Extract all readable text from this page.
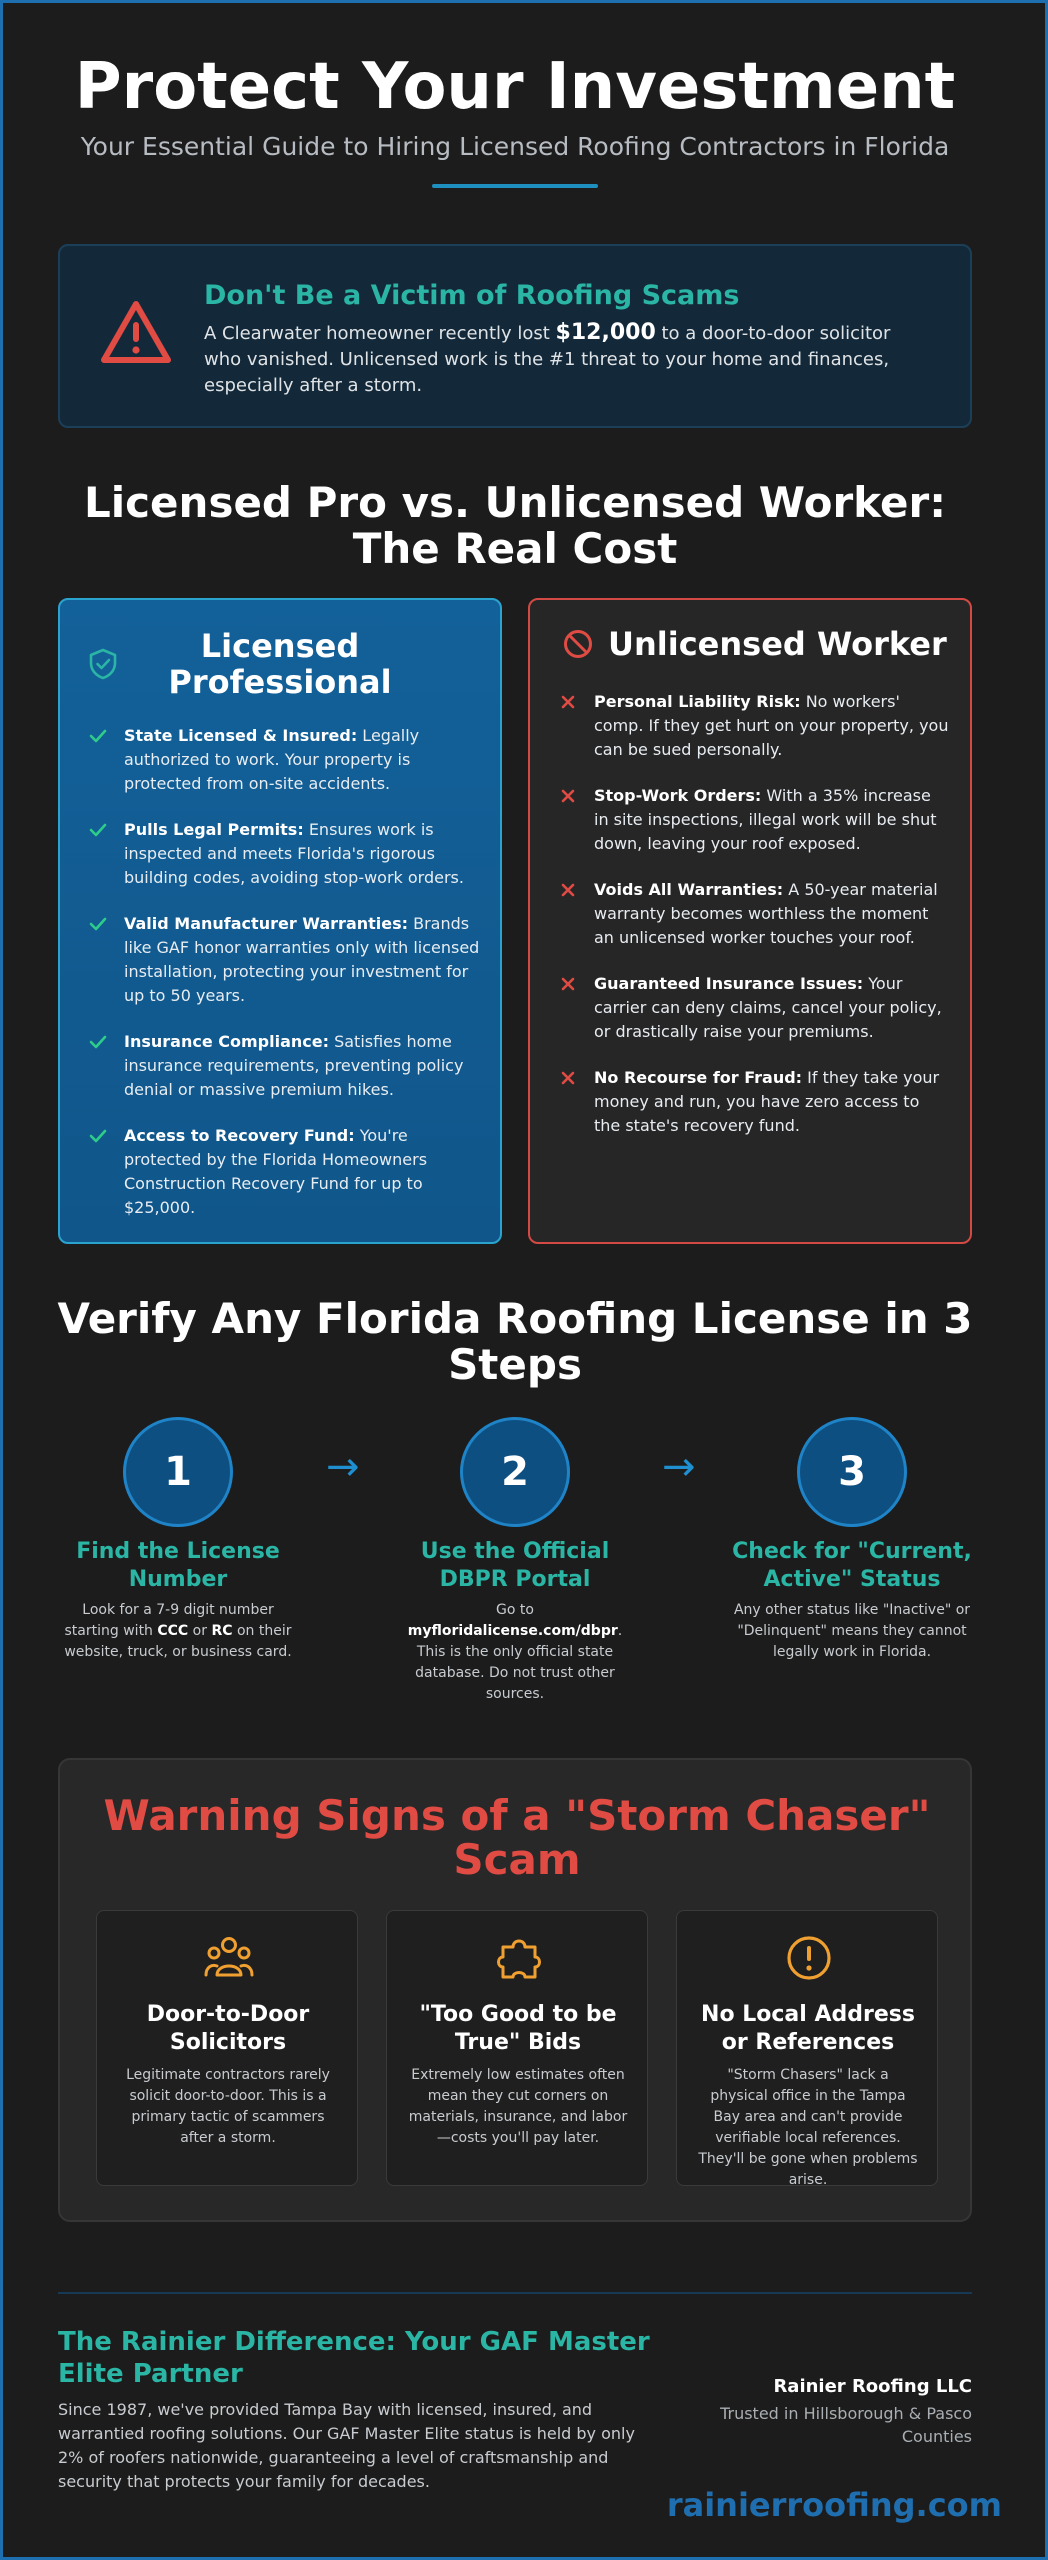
Protect Your Investment

Your Essential Guide to Hiring Licensed Roofing Contractors in Florida

Don't Be a Victim of Roofing Scams

A Clearwater homeowner recently lost $12,000 to a door-to-door solicitor who vanished. Unlicensed work is the #1 threat to your home and finances, especially after a storm.

Licensed Pro vs. Unlicensed Worker:
The Real Cost
Licensed
Professional
State Licensed & Insured: Legally authorized to work. Your property is protected from on-site accidents.
Pulls Legal Permits: Ensures work is inspected and meets Florida's rigorous building codes, avoiding stop-work orders.
Valid Manufacturer Warranties: Brands like GAF honor warranties only with licensed installation, protecting your investment for up to 50 years.
Insurance Compliance: Satisfies home insurance requirements, preventing policy denial or massive premium hikes.
Access to Recovery Fund: You're protected by the Florida Homeowners Construction Recovery Fund for up to $25,000.
Unlicensed Worker
Personal Liability Risk: No workers' comp. If they get hurt on your property, you can be sued personally.
Stop-Work Orders: With a 35% increase in site inspections, illegal work will be shut down, leaving your roof exposed.
Voids All Warranties: A 50-year material warranty becomes worthless the moment an unlicensed worker touches your roof.
Guaranteed Insurance Issues: Your carrier can deny claims, cancel your policy, or drastically raise your premiums.
No Recourse for Fraud: If they take your money and run, you have zero access to the state's recovery fund.
Verify Any Florida Roofing License in 3
Steps
1	→	2	→	3
Find the License
Number
Use the Official
DBPR Portal
Check for "Current,
Active" Status

Look for a 7-9 digit number starting with CCC or RC on their website, truck, or business card.

Go to
myfloridalicense.com/dbpr. This is the only official state database. Do not trust other sources.

Any other status like "Inactive" or "Delinquent" means they cannot legally work in Florida.

Warning Signs of a "Storm Chaser"
Scam
Door-to-Door
Solicitors

Legitimate contractors rarely solicit door-to-door. This is a primary tactic of scammers after a storm.

"Too Good to be
True" Bids

Extremely low estimates often mean they cut corners on materials, insurance, and labor—costs you'll pay later.

No Local Address
or References

"Storm Chasers" lack a physical office in the Tampa Bay area and can't provide verifiable local references. They'll be gone when problems arise.

The Rainier Difference: Your GAF Master Elite Partner

Since 1987, we've provided Tampa Bay with licensed, insured, and warrantied roofing solutions. Our GAF Master Elite status is held by only 2% of roofers nationwide, guaranteeing a level of craftsmanship and security that protects your family for decades.

Rainier Roofing LLC
Trusted in Hillsborough & Pasco Counties
rainierroofing.com
